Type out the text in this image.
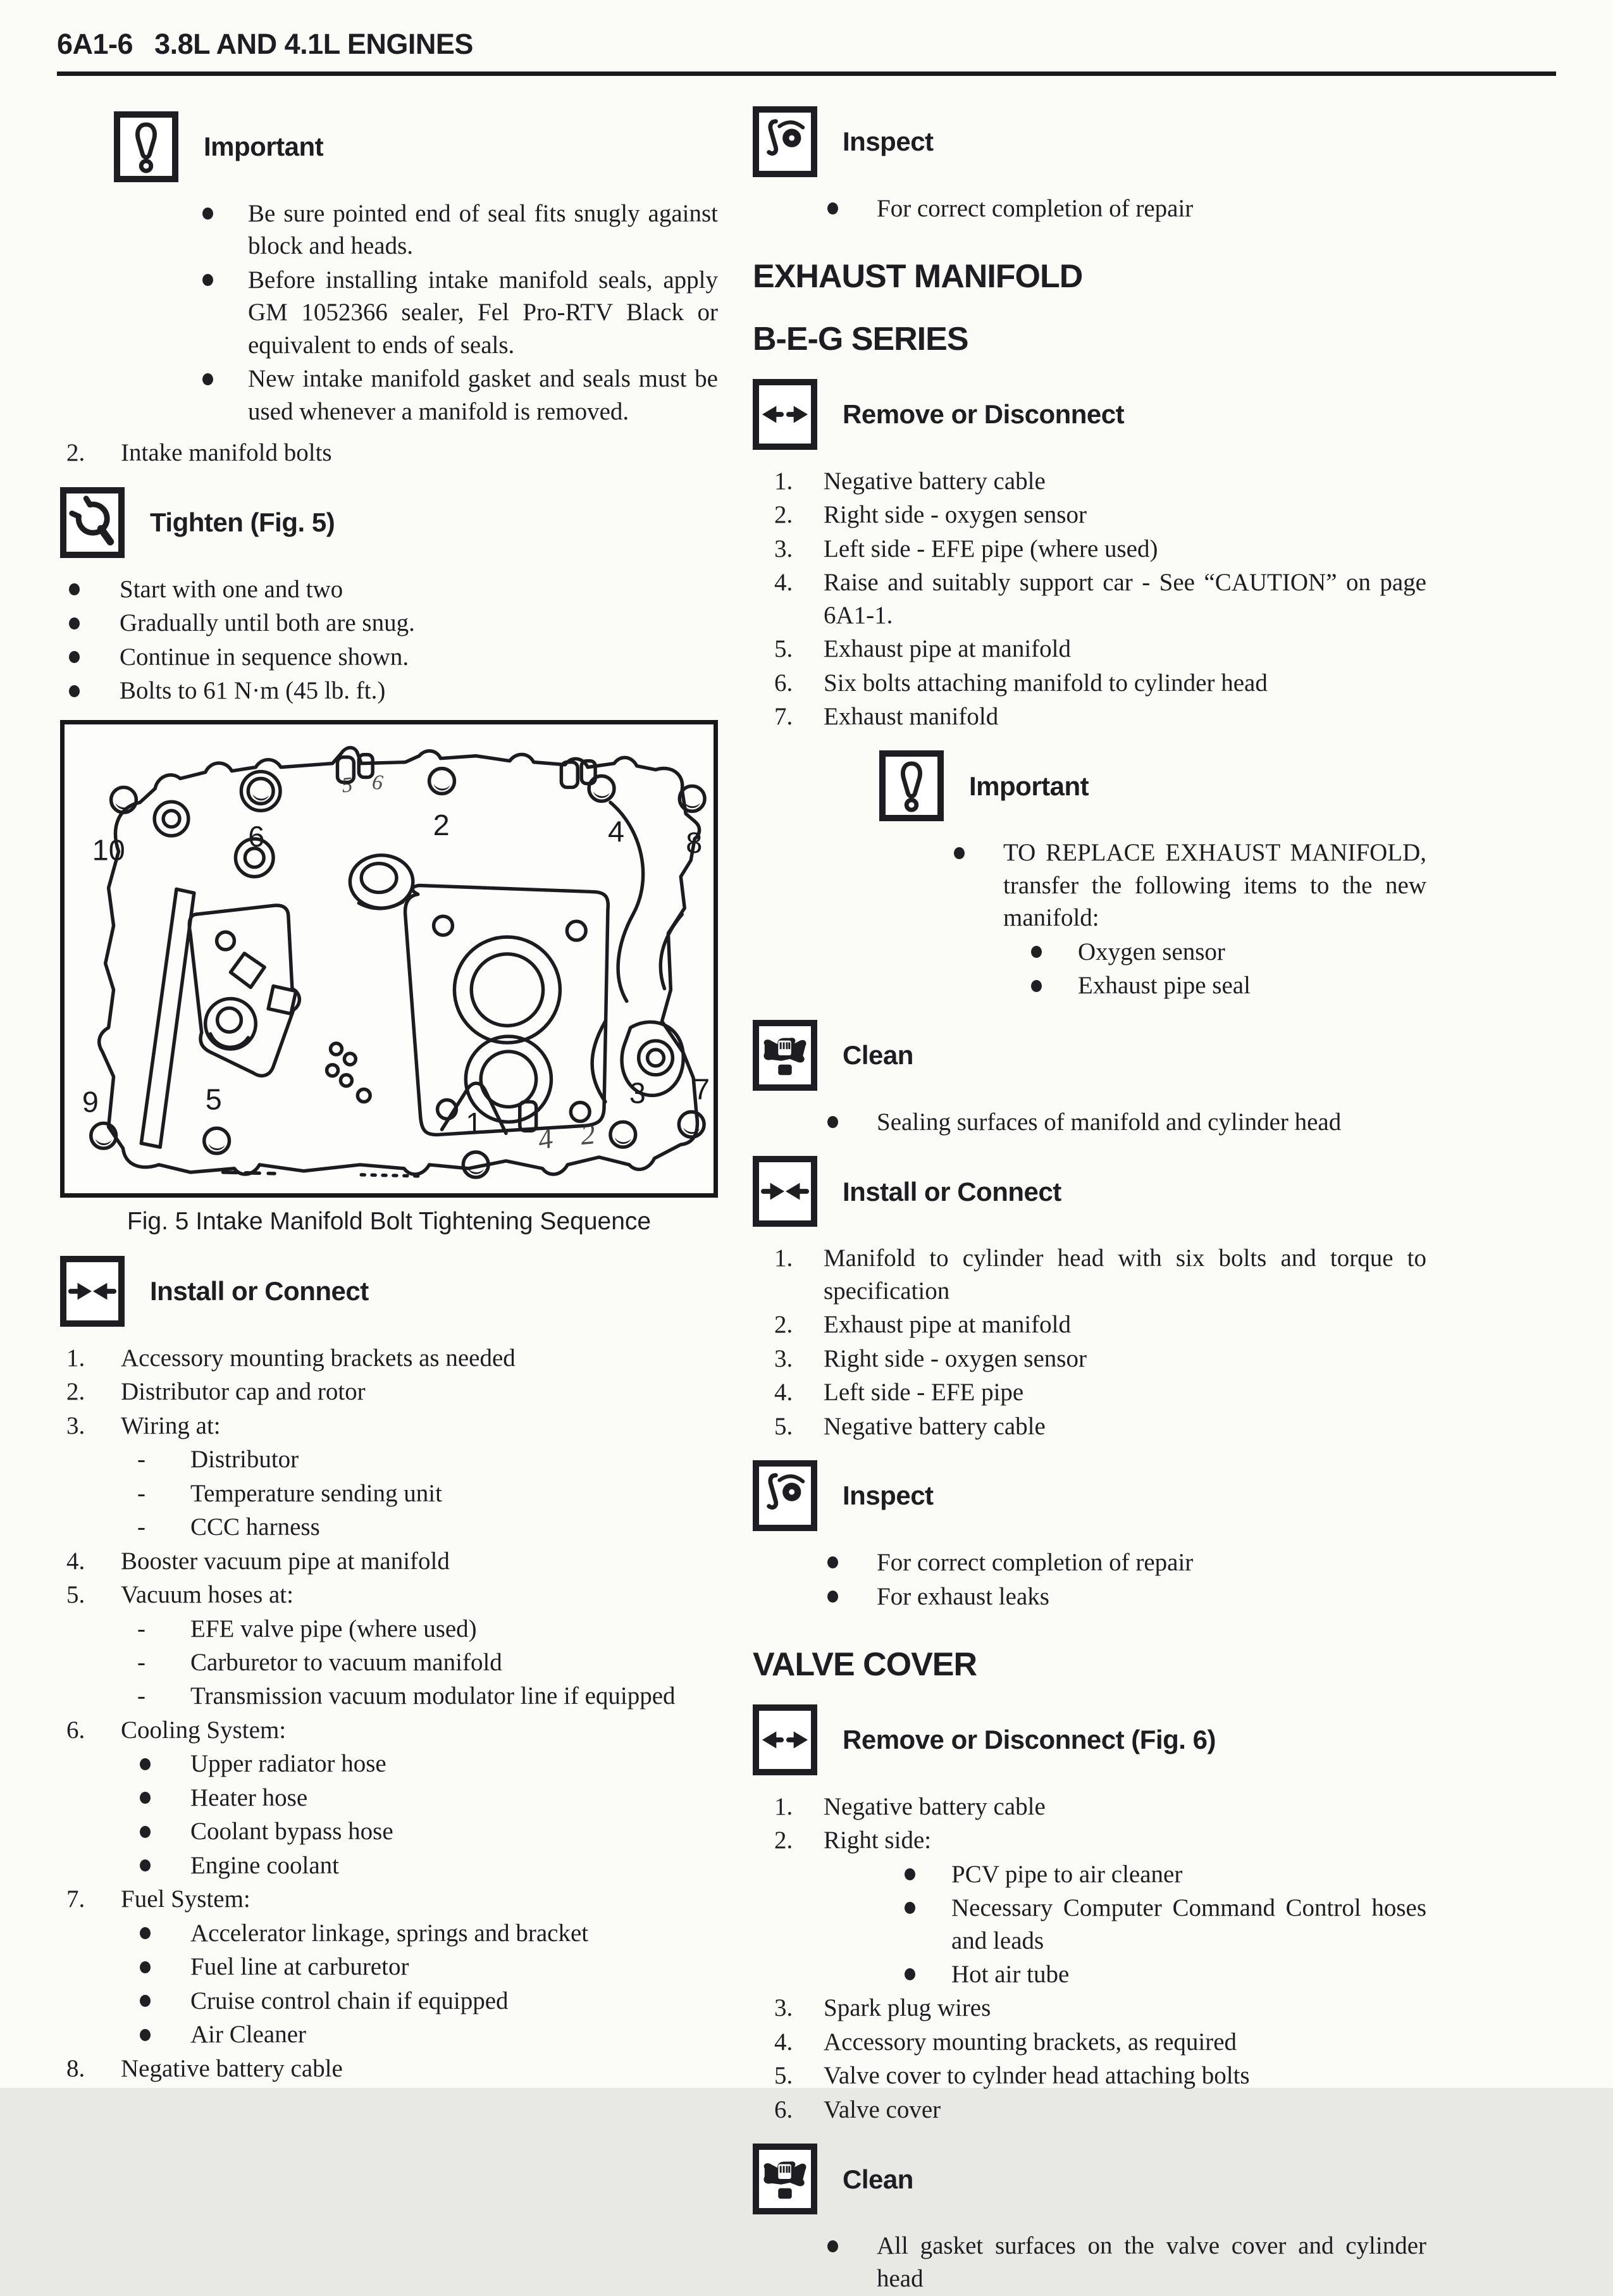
6A1-6 3.8L AND 4.1L ENGINES
Important
Be sure pointed end of seal fits snugly against block and heads.
Before installing intake manifold seals, apply GM 1052366 sealer, Fel Pro-RTV Black or equivalent to ends of seals.
New intake manifold gasket and seals must be used whenever a manifold is removed.
2. Intake manifold bolts
Tighten (Fig. 5)
Start with one and two
Gradually until both are snug.
Continue in sequence shown.
Bolts to 61 N·m (45 lb. ft.)
10	6	2	4 8
9	5
1
3 7
5 6
4 2
Fig. 5 Intake Manifold Bolt Tightening Sequence
Install or Connect
1. Accessory mounting brackets as needed
2. Distributor cap and rotor
3. Wiring at:
- Distributor
- Temperature sending unit
- CCC harness
4. Booster vacuum pipe at manifold
5. Vacuum hoses at:
- EFE valve pipe (where used)
- Carburetor to vacuum manifold
- Transmission vacuum modulator line if equipped
6. Cooling System:
Upper radiator hose
Heater hose
Coolant bypass hose
Engine coolant
7. Fuel System:
Accelerator linkage, springs and bracket
Fuel line at carburetor
Cruise control chain if equipped
Air Cleaner
8. Negative battery cable
Inspect
For correct completion of repair
EXHAUST MANIFOLD
B-E-G SERIES
Remove or Disconnect
1. Negative battery cable
2. Right side - oxygen sensor
3. Left side - EFE pipe (where used)
4. Raise and suitably support car - See “CAUTION” on page 6A1-1.
5. Exhaust pipe at manifold
6. Six bolts attaching manifold to cylinder head
7. Exhaust manifold
Important
TO REPLACE EXHAUST MANIFOLD, transfer the following items to the new manifold:
Oxygen sensor
Exhaust pipe seal
Clean
Sealing surfaces of manifold and cylinder head
Install or Connect
1. Manifold to cylinder head with six bolts and torque to specification
2. Exhaust pipe at manifold
3. Right side - oxygen sensor
4. Left side - EFE pipe
5. Negative battery cable
Inspect
For correct completion of repair
For exhaust leaks
VALVE COVER
Remove or Disconnect (Fig. 6)
1. Negative battery cable
2. Right side:
PCV pipe to air cleaner
Necessary Computer Command Control hoses and leads
Hot air tube
3. Spark plug wires
4. Accessory mounting brackets, as required
5. Valve cover to cylnder head attaching bolts
6. Valve cover
Clean
All gasket surfaces on the valve cover and cylinder head
